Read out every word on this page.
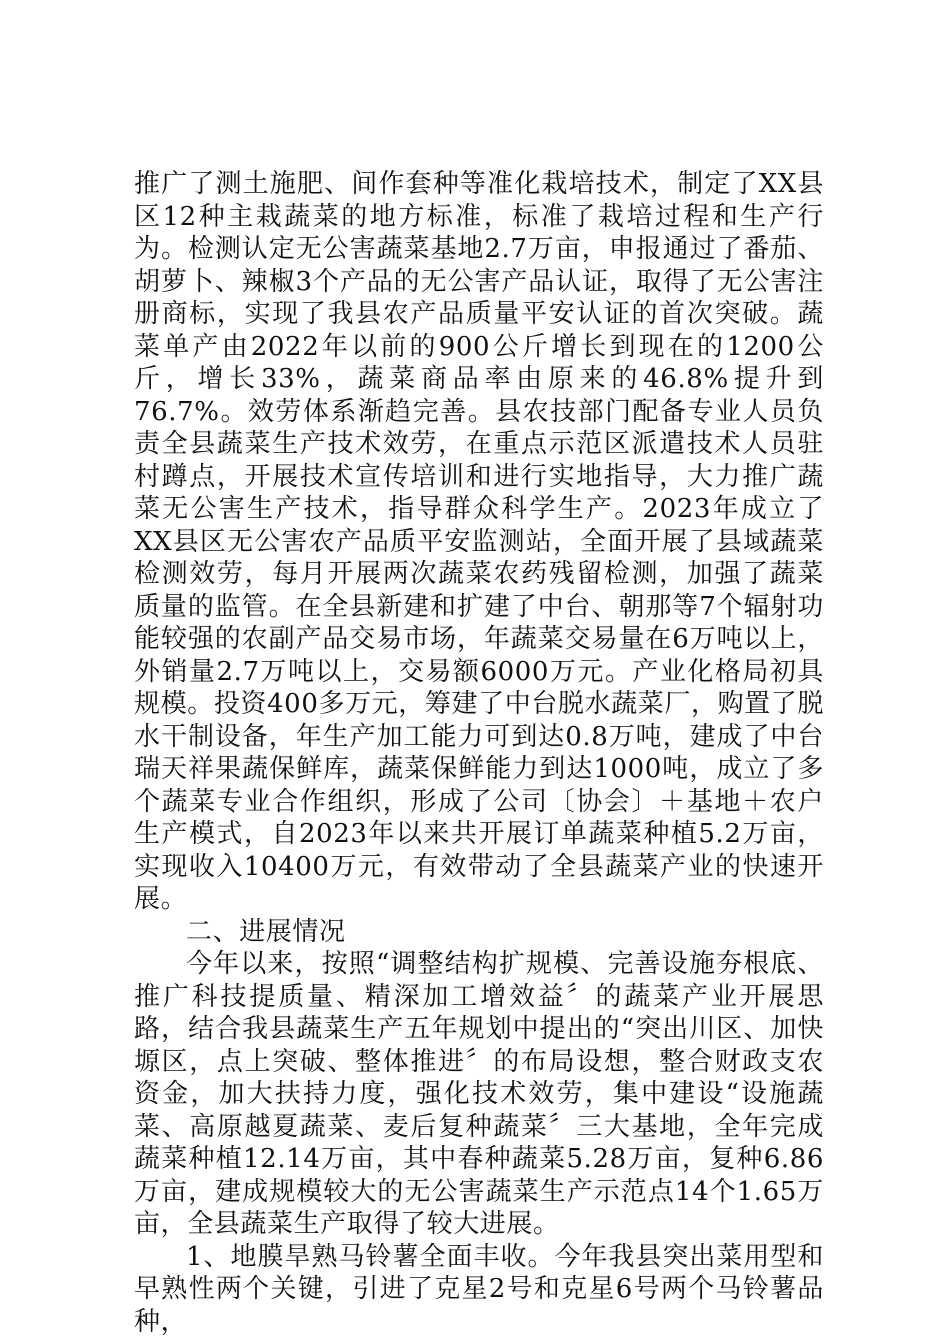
推广了测土施肥、间作套种等准化栽培技术，制定了XX县区12种主栽蔬菜的地方标准，标准了栽培过程和生产行为。检测认定无公害蔬菜基地2.7万亩，申报通过了番茄、胡萝卜、辣椒3个产品的无公害产品认证，取得了无公害注册商标，实现了我县农产品质量平安认证的首次突破。蔬菜单产由2022年以前的900公斤增长到现在的1200公斤，增长33%，蔬菜商品率由原来的46.8%提升到76.7%。效劳体系渐趋完善。县农技部门配备专业人员负责全县蔬菜生产技术效劳，在重点示范区派遣技术人员驻村蹲点，开展技术宣传培训和进行实地指导，大力推广蔬菜无公害生产技术，指导群众科学生产。2023年成立了XX县区无公害农产品质平安监测站，全面开展了县域蔬菜检测效劳，每月开展两次蔬菜农药残留检测，加强了蔬菜质量的监管。在全县新建和扩建了中台、朝那等7个辐射功能较强的农副产品交易市场，年蔬菜交易量在6万吨以上，外销量2.7万吨以上，交易额6000万元。产业化格局初具规模。投资400多万元，筹建了中台脱水蔬菜厂，购置了脱水干制设备，年生产加工能力可到达0.8万吨，建成了中台瑞天祥果蔬保鲜库，蔬菜保鲜能力到达1000吨，成立了多个蔬菜专业合作组织，形成了公司〔协会〕＋基地＋农户生产模式，自2023年以来共开展订单蔬菜种植5.2万亩，实现收入10400万元，有效带动了全县蔬菜产业的快速开展。

二、进展情况

今年以来，按照“调整结构扩规模、完善设施夯根底、推广科技提质量、精深加工增效益〞的蔬菜产业开展思路，结合我县蔬菜生产五年规划中提出的“突出川区、加快塬区，点上突破、整体推进〞的布局设想，整合财政支农资金，加大扶持力度，强化技术效劳，集中建设“设施蔬菜、高原越夏蔬菜、麦后复种蔬菜〞三大基地，全年完成蔬菜种植12.14万亩，其中春种蔬菜5.28万亩，复种6.86万亩，建成规模较大的无公害蔬菜生产示范点14个1.65万亩，全县蔬菜生产取得了较大进展。

1、地膜旱熟马铃薯全面丰收。今年我县突出菜用型和早熟性两个关键，引进了克星2号和克星6号两个马铃薯品种，
